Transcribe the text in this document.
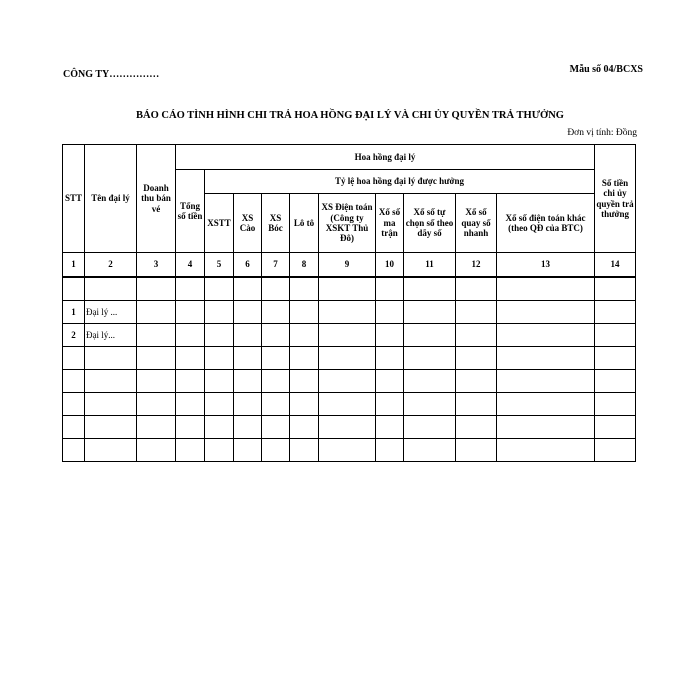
CÔNG TY……………	Mẫu số 04/BCXS
BÁO CÁO TÌNH HÌNH CHI TRẢ HOA HỒNG ĐẠI LÝ VÀ CHI ỦY QUYỀN TRẢ THƯỞNG
Đơn vị tính: Đồng
STT	Tên đại lý	Doanh thu bán vé	Hoa hồng đại lý										Số tiền chi ủy quyền trả thưởng
			Tổng số tiền	Tỷ lệ hoa hồng đại lý được hưởng									
				XSTT	XS Cào	XS Bóc	Lô tô	XS Điện toán (Công ty XSKT Thủ Đô)	Xổ số ma trận	Xổ số tự chọn số theo dãy số	Xổ số quay số nhanh	Xổ số điện toán khác (theo QĐ của BTC)	
1	2	3	4	5	6	7	8	9	10	11	12	13	14

1	Đại lý ...												
2	Đại lý...												
